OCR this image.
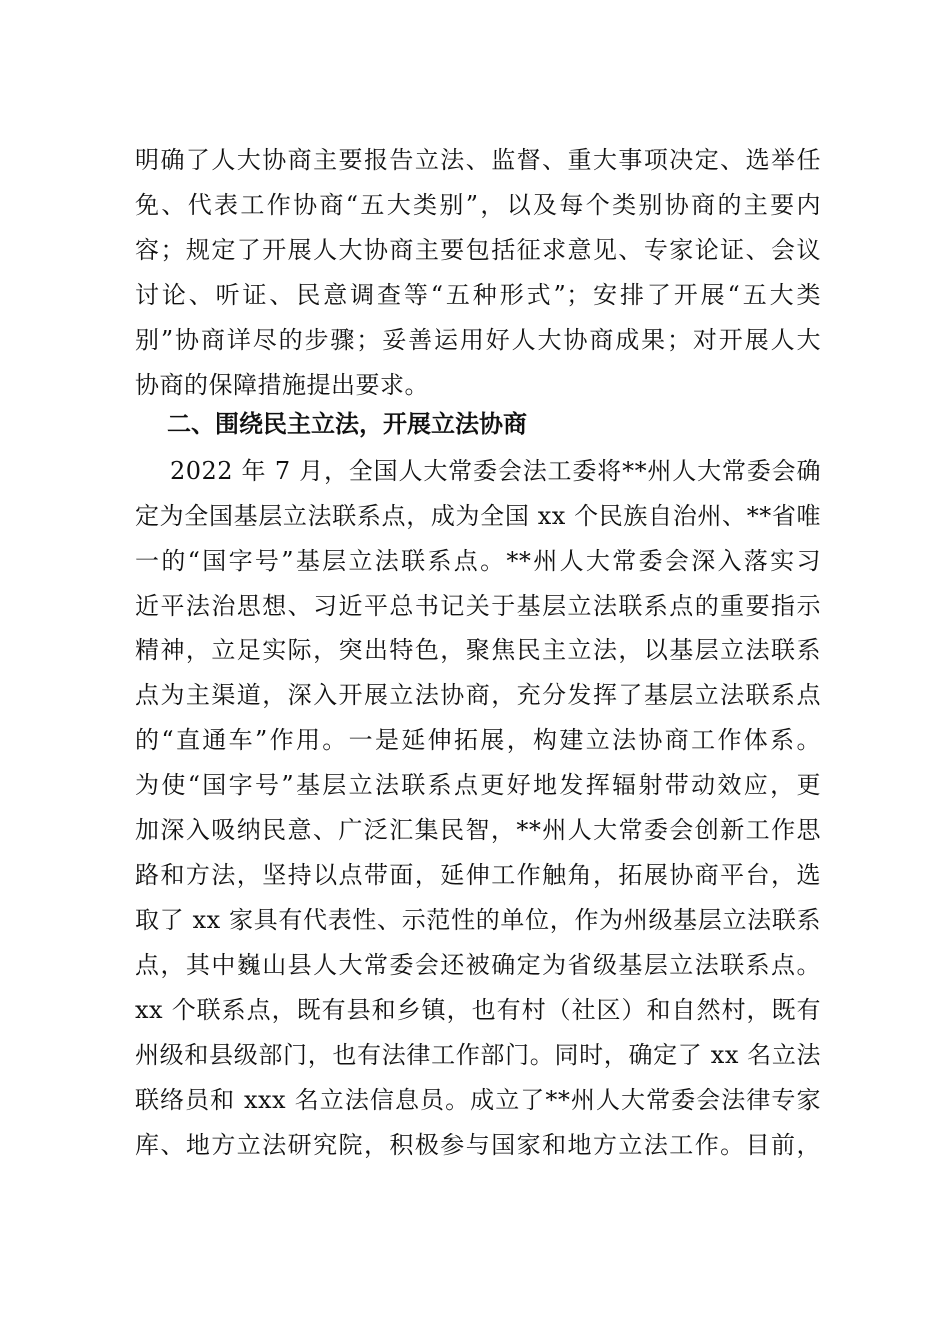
明确了人大协商主要报告立法、监督、重大事项决定、选举任
免、代表工作协商“五大类别”，以及每个类别协商的主要内
容；规定了开展人大协商主要包括征求意见、专家论证、会议
讨论、听证、民意调查等“五种形式”；安排了开展“五大类
别”协商详尽的步骤；妥善运用好人大协商成果；对开展人大
协商的保障措施提出要求。
二、围绕民主立法，开展立法协商
2022 年 7 月，全国人大常委会法工委将**州人大常委会确
定为全国基层立法联系点，成为全国 xx 个民族自治州、**省唯
一的“国字号”基层立法联系点。**州人大常委会深入落实习
近平法治思想、习近平总书记关于基层立法联系点的重要指示
精神，立足实际，突出特色，聚焦民主立法，以基层立法联系
点为主渠道，深入开展立法协商，充分发挥了基层立法联系点
的“直通车”作用。一是延伸拓展，构建立法协商工作体系。
为使“国字号”基层立法联系点更好地发挥辐射带动效应，更
加深入吸纳民意、广泛汇集民智，**州人大常委会创新工作思
路和方法，坚持以点带面，延伸工作触角，拓展协商平台，选
取了 xx 家具有代表性、示范性的单位，作为州级基层立法联系
点，其中巍山县人大常委会还被确定为省级基层立法联系点。
xx 个联系点，既有县和乡镇，也有村（社区）和自然村，既有
州级和县级部门，也有法律工作部门。同时，确定了 xx 名立法
联络员和 xxx 名立法信息员。成立了**州人大常委会法律专家
库、地方立法研究院，积极参与国家和地方立法工作。目前，
